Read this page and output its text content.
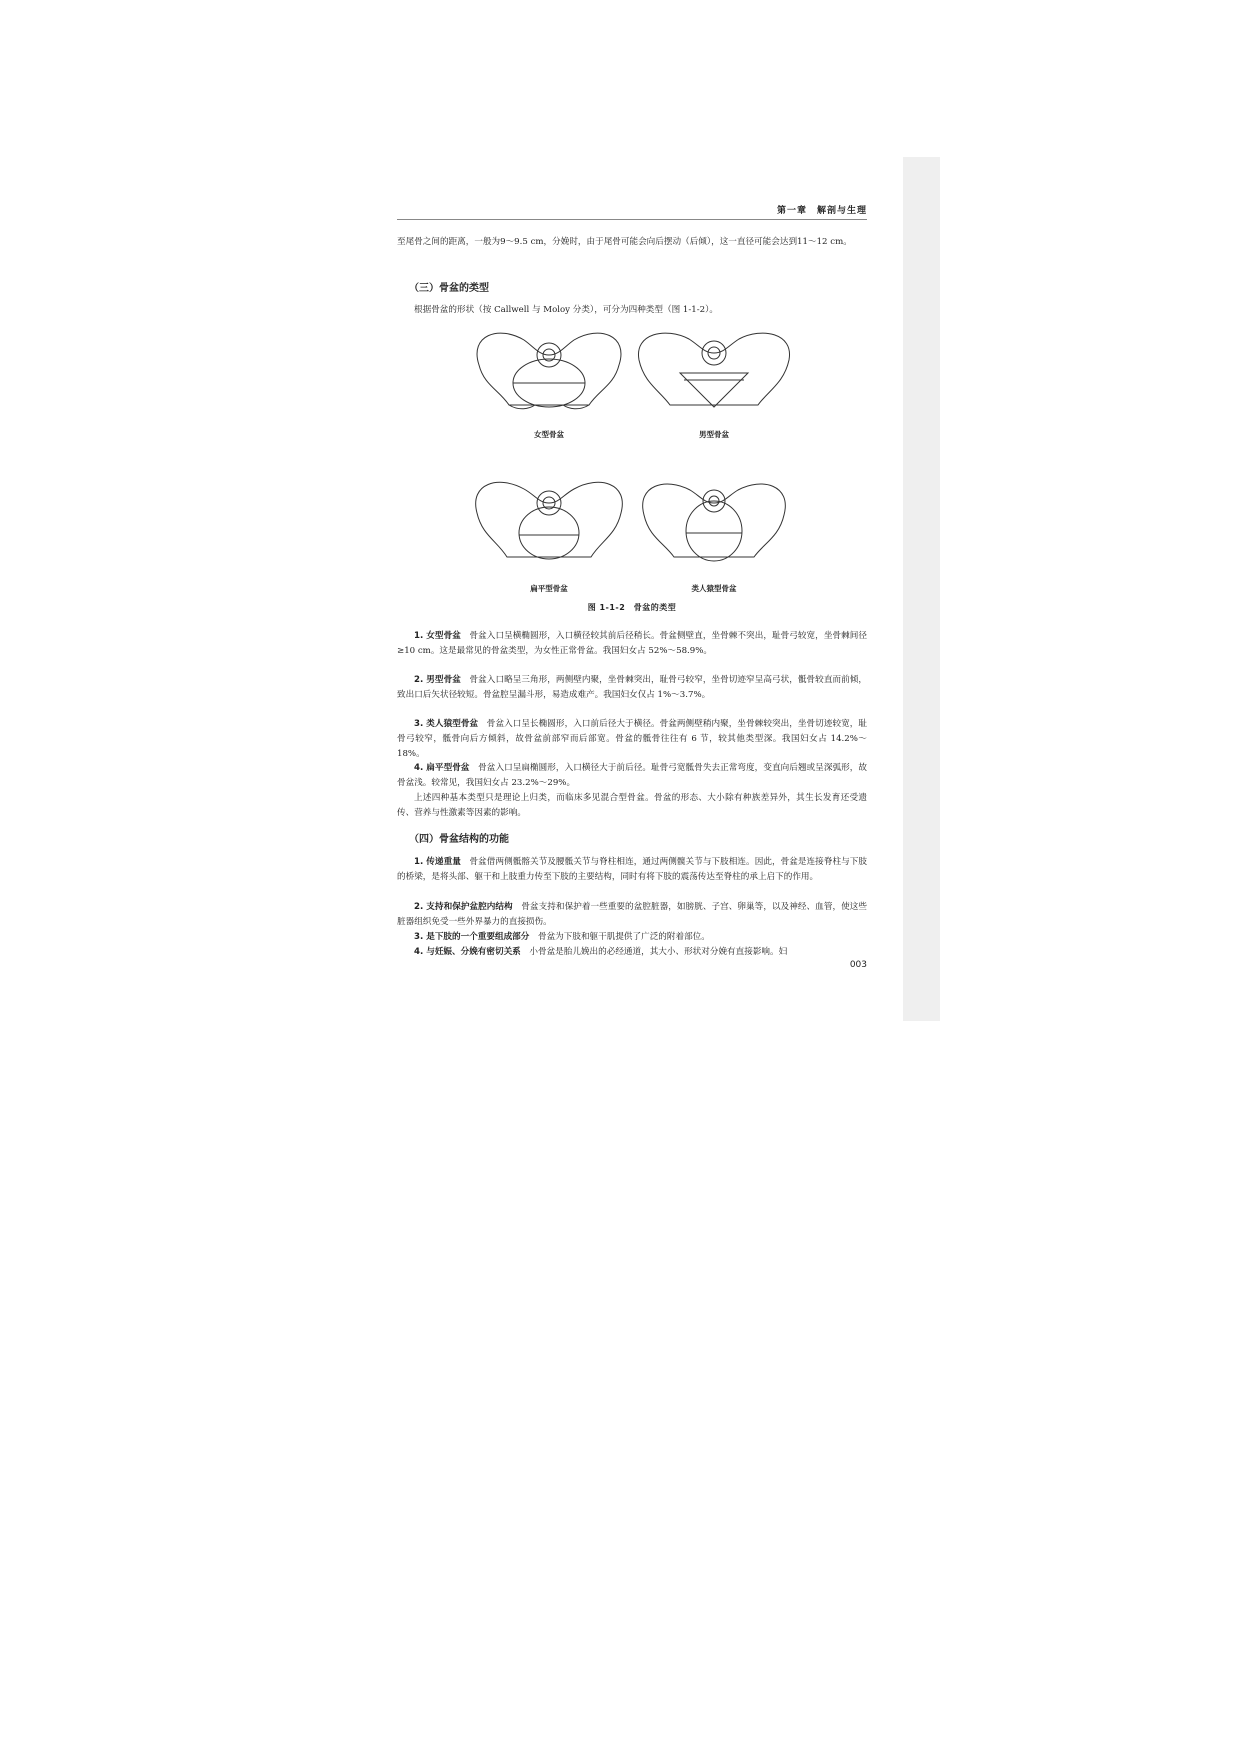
第一章　解剖与生理
至尾骨之间的距离，一般为9～9.5 cm，分娩时，由于尾骨可能会向后摆动（后倾），这一直径可能会达到11～12 cm。
（三）骨盆的类型
根据骨盆的形状（按 Callwell 与 Moloy 分类），可分为四种类型（图 1-1-2）。
女型骨盆	男型骨盆
扁平型骨盆	类人猿型骨盆
图 1-1-2　骨盆的类型
1. 女型骨盆　 骨盆入口呈横椭圆形，入口横径较其前后径稍长。骨盆侧壁直，坐骨棘不突出，耻骨弓较宽，坐骨棘间径≥10 cm。这是最常见的骨盆类型，为女性正常骨盆。我国妇女占 52%～58.9%。
2. 男型骨盆　 骨盆入口略呈三角形，两侧壁内聚，坐骨棘突出，耻骨弓较窄，坐骨切迹窄呈高弓状，骶骨较直而前倾，致出口后矢状径较短。骨盆腔呈漏斗形，易造成难产。我国妇女仅占 1%～3.7%。
3. 类人猿型骨盆　 骨盆入口呈长椭圆形，入口前后径大于横径。骨盆两侧壁稍内聚，坐骨棘较突出，坐骨切迹较宽，耻骨弓较窄，骶骨向后方倾斜，故骨盆前部窄而后部宽。骨盆的骶骨往往有 6 节，较其他类型深。我国妇女占 14.2%～18%。
4. 扁平型骨盆　 骨盆入口呈扁椭圆形，入口横径大于前后径。耻骨弓宽骶骨失去正常弯度，变直向后翘或呈深弧形，故骨盆浅。较常见，我国妇女占 23.2%～29%。
上述四种基本类型只是理论上归类，而临床多见混合型骨盆。骨盆的形态、大小除有种族差异外，其生长发育还受遗传、营养与性激素等因素的影响。
（四）骨盆结构的功能
1. 传递重量　 骨盆借两侧骶髂关节及腰骶关节与脊柱相连，通过两侧髋关节与下肢相连。因此，骨盆是连接脊柱与下肢的桥梁，是将头部、躯干和上肢重力传至下肢的主要结构，同时有将下肢的震荡传达至脊柱的承上启下的作用。
2. 支持和保护盆腔内结构　 骨盆支持和保护着一些重要的盆腔脏器，如膀胱、子宫、卵巢等，以及神经、血管，使这些脏器组织免受一些外界暴力的直接损伤。
3. 是下肢的一个重要组成部分　 骨盆为下肢和躯干肌提供了广泛的附着部位。
4. 与妊娠、分娩有密切关系　 小骨盆是胎儿娩出的必经通道，其大小、形状对分娩有直接影响。妇
003
